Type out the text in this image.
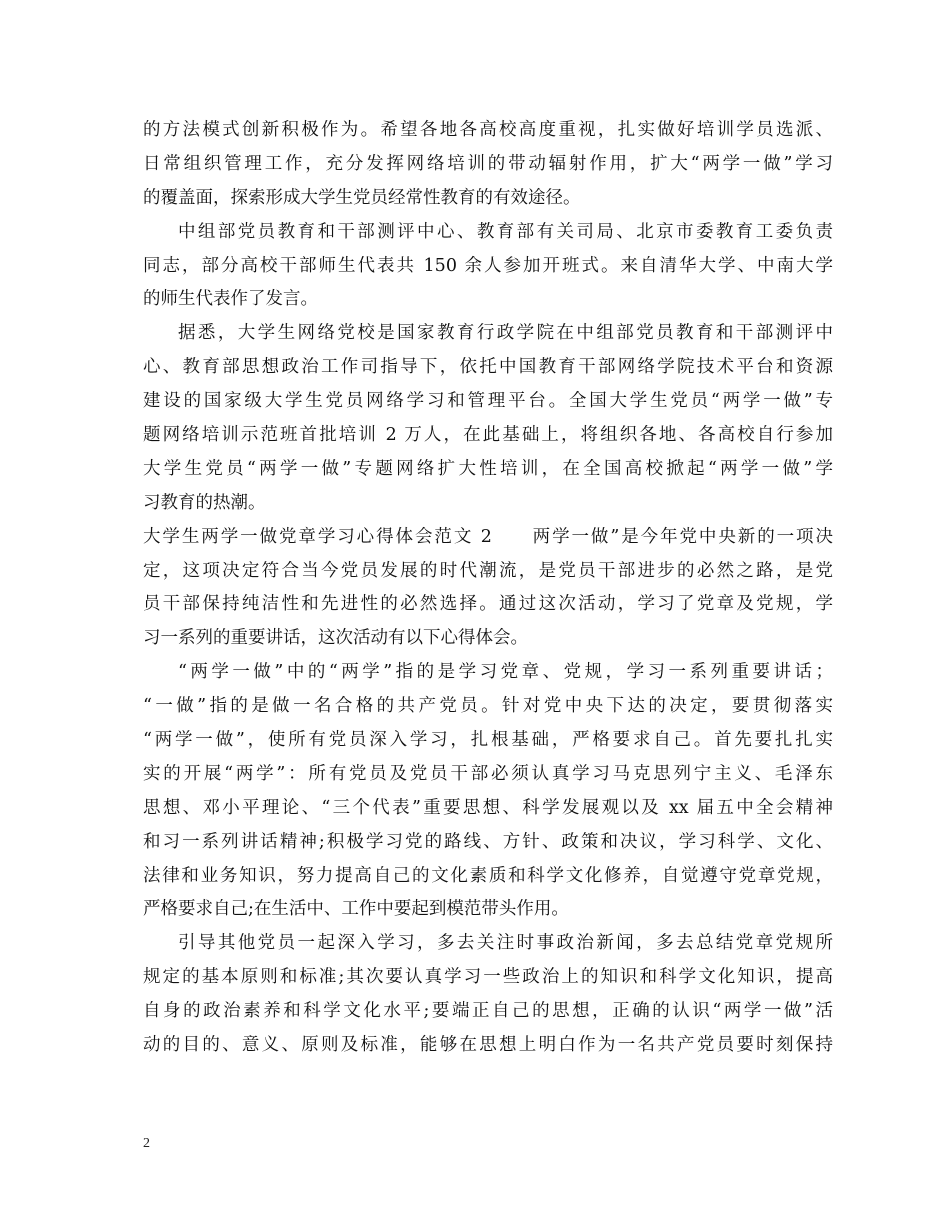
的方法模式创新积极作为。希望各地各高校高度重视，扎实做好培训学员选派、
日常组织管理工作，充分发挥网络培训的带动辐射作用，扩大“两学一做”学习
的覆盖面，探索形成大学生党员经常性教育的有效途径。
中组部党员教育和干部测评中心、教育部有关司局、北京市委教育工委负责
同志，部分高校干部师生代表共 150 余人参加开班式。来自清华大学、中南大学
的师生代表作了发言。
据悉，大学生网络党校是国家教育行政学院在中组部党员教育和干部测评中
心、教育部思想政治工作司指导下，依托中国教育干部网络学院技术平台和资源
建设的国家级大学生党员网络学习和管理平台。全国大学生党员“两学一做”专
题网络培训示范班首批培训 2 万人，在此基础上，将组织各地、各高校自行参加
大学生党员“两学一做”专题网络扩大性培训，在全国高校掀起“两学一做”学
习教育的热潮。
大学生两学一做党章学习心得体会范文 2　　两学一做”是今年党中央新的一项决
定，这项决定符合当今党员发展的时代潮流，是党员干部进步的必然之路，是党
员干部保持纯洁性和先进性的必然选择。通过这次活动，学习了党章及党规，学
习一系列的重要讲话，这次活动有以下心得体会。
“两学一做”中的“两学”指的是学习党章、党规，学习一系列重要讲话；
“一做”指的是做一名合格的共产党员。针对党中央下达的决定，要贯彻落实
“两学一做”，使所有党员深入学习，扎根基础，严格要求自己。首先要扎扎实
实的开展“两学”：所有党员及党员干部必须认真学习马克思列宁主义、毛泽东
思想、邓小平理论、“三个代表”重要思想、科学发展观以及 xx 届五中全会精神
和习一系列讲话精神;积极学习党的路线、方针、政策和决议，学习科学、文化、
法律和业务知识，努力提高自己的文化素质和科学文化修养，自觉遵守党章党规，
严格要求自己;在生活中、工作中要起到模范带头作用。
引导其他党员一起深入学习，多去关注时事政治新闻，多去总结党章党规所
规定的基本原则和标准;其次要认真学习一些政治上的知识和科学文化知识，提高
自身的政治素养和科学文化水平;要端正自己的思想，正确的认识“两学一做”活
动的目的、意义、原则及标准，能够在思想上明白作为一名共产党员要时刻保持
2
